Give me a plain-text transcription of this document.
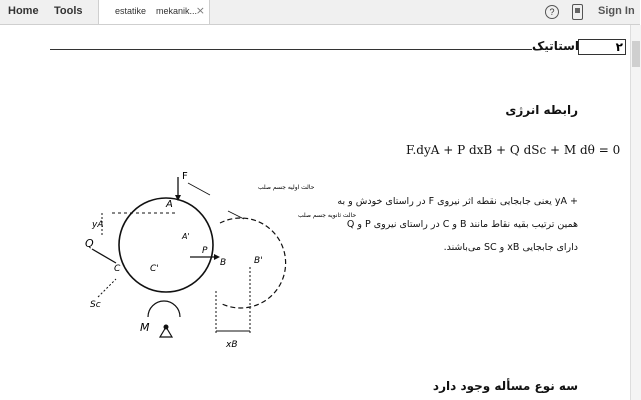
Home Tools	estatike    mekanik...
×	?	Sign In
استاتیک	۲
رابطه انرژی
F.dyA + P dxB + Q dSc + M dθ = 0

+ yA یعنی جابجایی نقطه اثر نیروی F در راستای خودش و به

همین ترتیب بقیه نقاط مانند B و C در راستای نیروی P و Q

دارای جابجایی xB و SC می‌باشند.

F
A
A'
yA
Q
C	C'
Sc
M
P
B	B'
xB
حالت اولیه جسم صلب
حالت ثانویه جسم صلب
سه نوع مسأله وجود دارد
